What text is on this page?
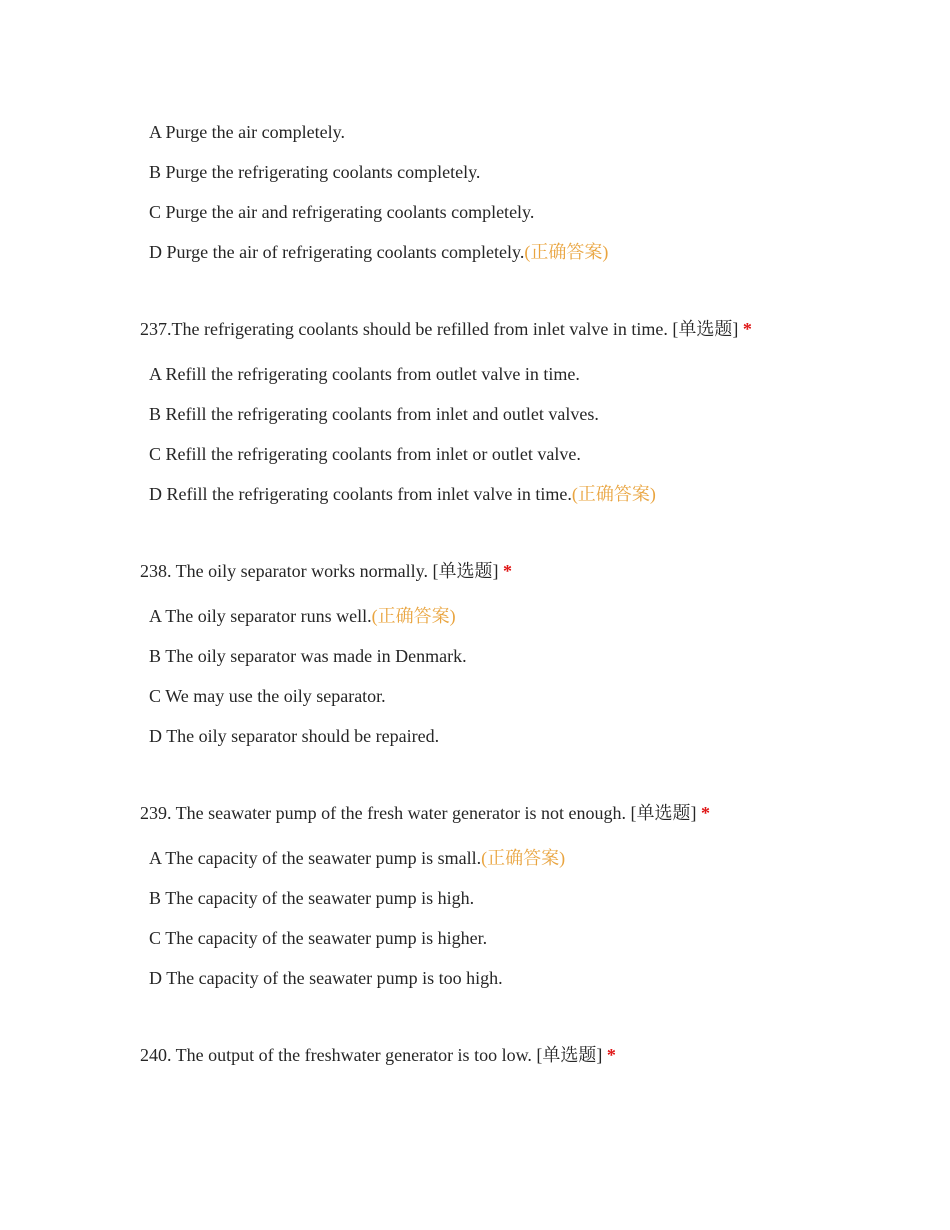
A Purge the air completely.

B Purge the refrigerating coolants completely.

C Purge the air and refrigerating coolants completely.

D Purge the air of refrigerating coolants completely.(正确答案)

237.The refrigerating coolants should be refilled from inlet valve in time. [单选题] *

A Refill the refrigerating coolants from outlet valve in time.

B Refill the refrigerating coolants from inlet and outlet valves.

C Refill the refrigerating coolants from inlet or outlet valve.

D Refill the refrigerating coolants from inlet valve in time.(正确答案)

238. The oily separator works normally. [单选题] *

A The oily separator runs well.(正确答案)

B The oily separator was made in Denmark.

C We may use the oily separator.

D The oily separator should be repaired.

239. The seawater pump of the fresh water generator is not enough. [单选题] *

A The capacity of the seawater pump is small.(正确答案)

B The capacity of the seawater pump is high.

C The capacity of the seawater pump is higher.

D The capacity of the seawater pump is too high.

240. The output of the freshwater generator is too low. [单选题] *
